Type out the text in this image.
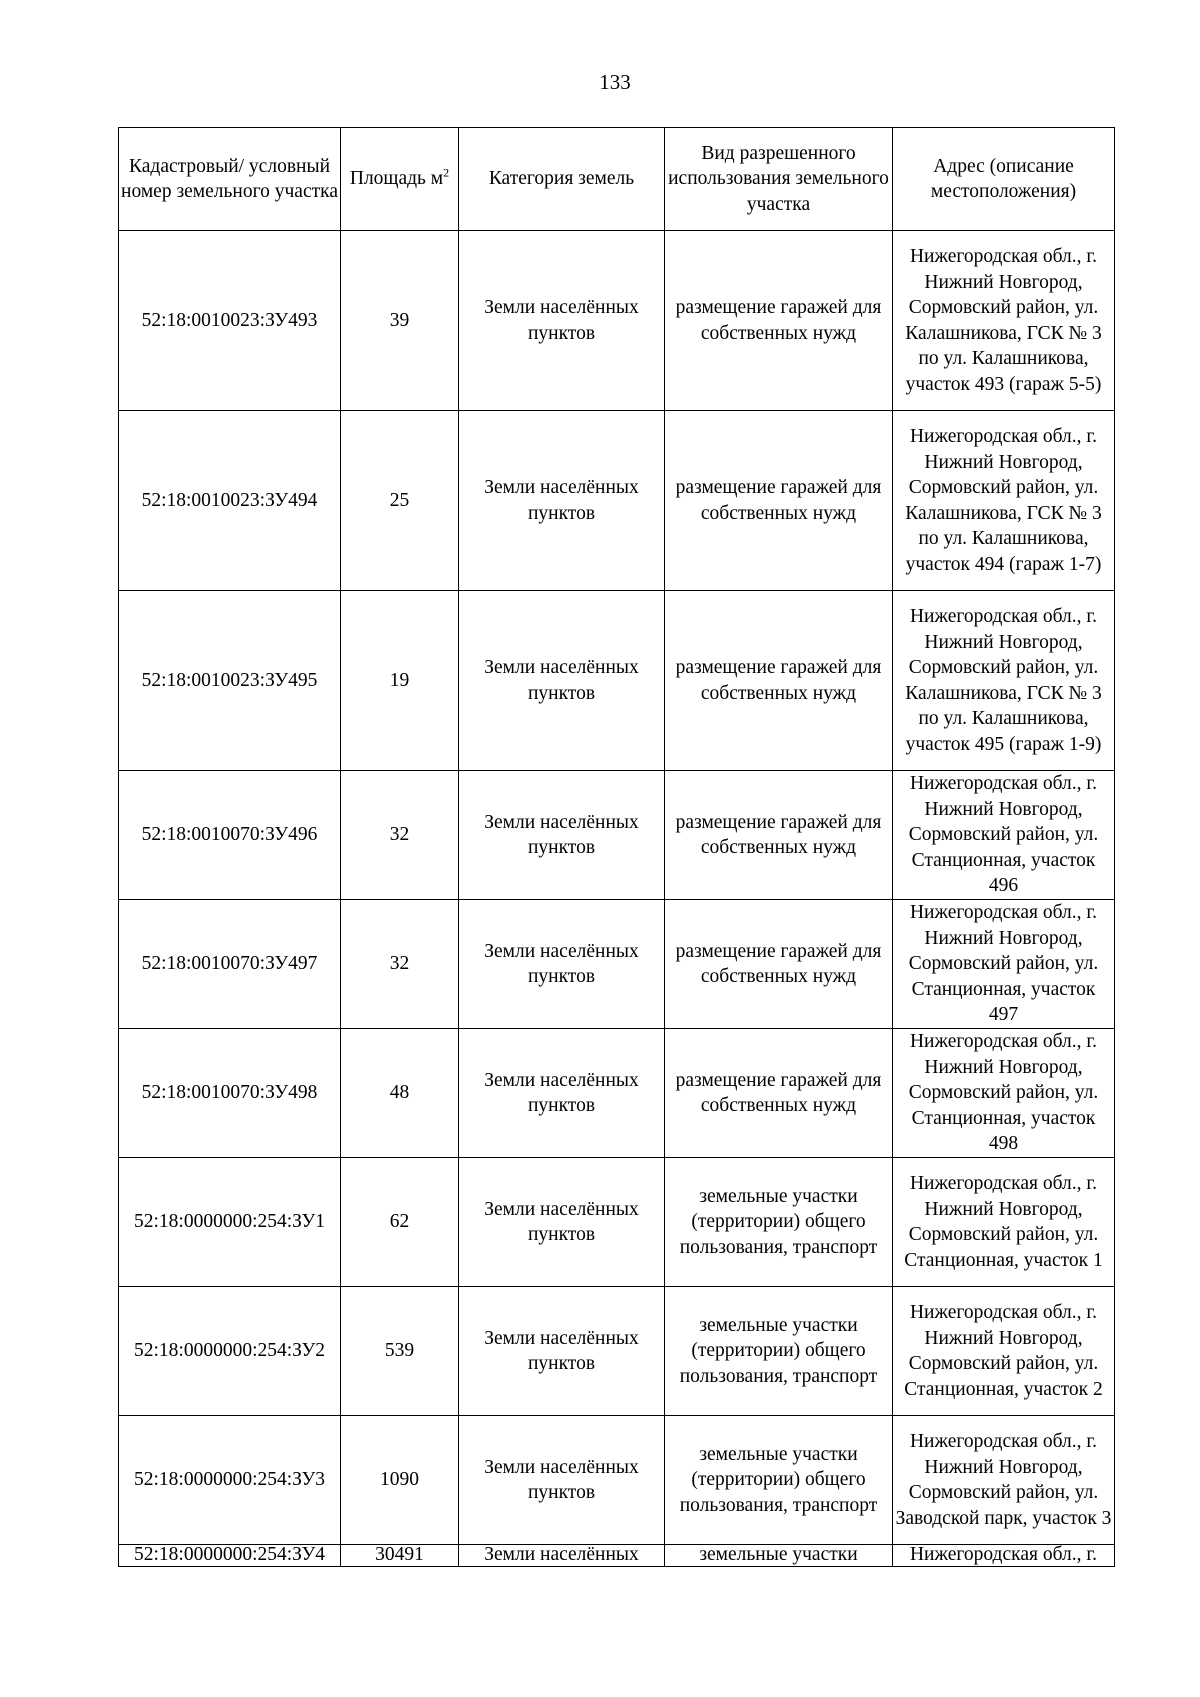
133
Кадастровый/ условный номер земельного участка	Площадь $м^2$	Категория земель	Вид разрешенного использования земельного участка	Адрес (описание местоположения)
52:18:0010023:ЗУ493	39	Земли населённых пунктов	размещение гаражей для собственных нужд	Нижегородская обл., г. Нижний Новгород, Сормовский район, ул. Калашникова, ГСК № 3 по ул. Калашникова, участок 493 (гараж 5-5)
52:18:0010023:ЗУ494	25	Земли населённых пунктов	размещение гаражей для собственных нужд	Нижегородская обл., г. Нижний Новгород, Сормовский район, ул. Калашникова, ГСК № 3 по ул. Калашникова, участок 494 (гараж 1-7)
52:18:0010023:ЗУ495	19	Земли населённых пунктов	размещение гаражей для собственных нужд	Нижегородская обл., г. Нижний Новгород, Сормовский район, ул. Калашникова, ГСК № 3 по ул. Калашникова, участок 495 (гараж 1-9)
52:18:0010070:ЗУ496	32	Земли населённых пунктов	размещение гаражей для собственных нужд	Нижегородская обл., г. Нижний Новгород, Сормовский район, ул. Станционная, участок 496
52:18:0010070:ЗУ497	32	Земли населённых пунктов	размещение гаражей для собственных нужд	Нижегородская обл., г. Нижний Новгород, Сормовский район, ул. Станционная, участок 497
52:18:0010070:ЗУ498	48	Земли населённых пунктов	размещение гаражей для собственных нужд	Нижегородская обл., г. Нижний Новгород, Сормовский район, ул. Станционная, участок 498
52:18:0000000:254:ЗУ1	62	Земли населённых пунктов	земельные участки (территории) общего пользования, транспорт	Нижегородская обл., г. Нижний Новгород, Сормовский район, ул. Станционная, участок 1
52:18:0000000:254:ЗУ2	539	Земли населённых пунктов	земельные участки (территории) общего пользования, транспорт	Нижегородская обл., г. Нижний Новгород, Сормовский район, ул. Станционная, участок 2
52:18:0000000:254:ЗУ3	1090	Земли населённых пунктов	земельные участки (территории) общего пользования, транспорт	Нижегородская обл., г. Нижний Новгород, Сормовский район, ул. Заводской парк, участок 3
52:18:0000000:254:ЗУ4	30491	Земли населённых	земельные участки	Нижегородская обл., г.
